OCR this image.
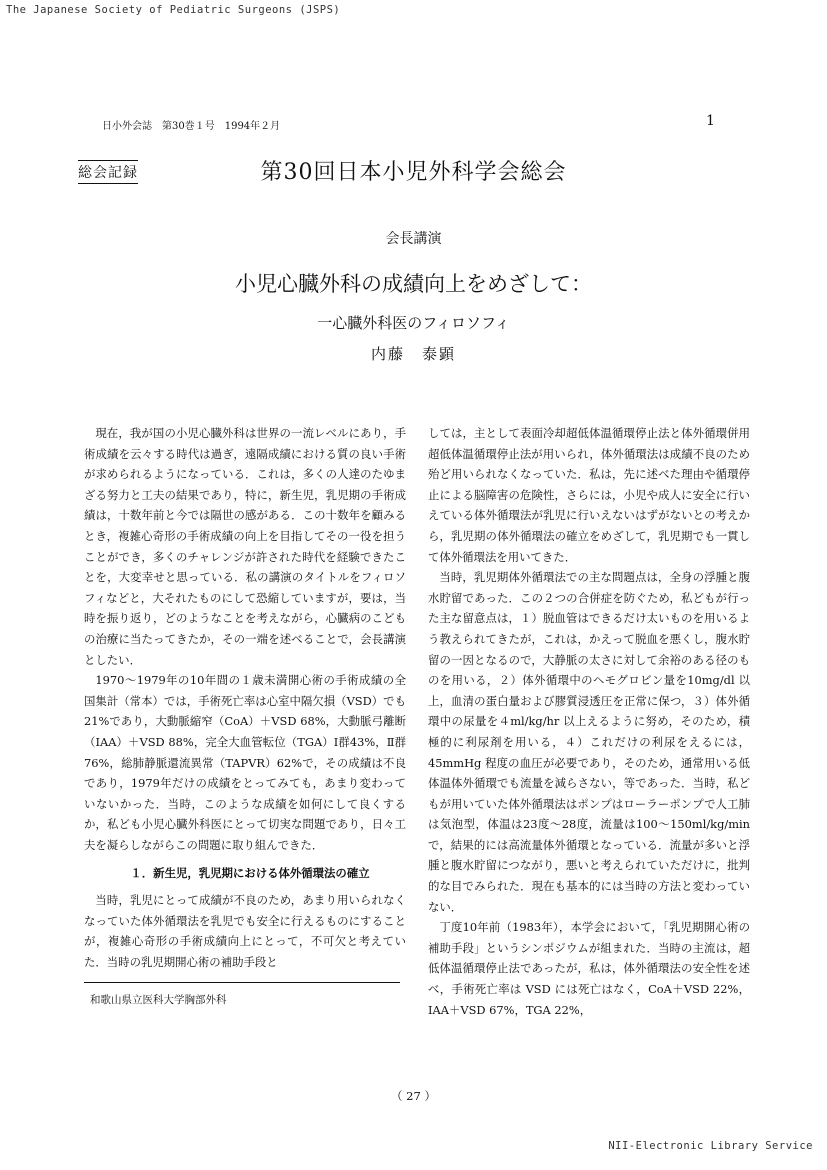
The Japanese Society of Pediatric Surgeons (JSPS)
日小外会誌　第30巻１号　1994年２月	1
総会記録	第30回日本小児外科学会総会
会長講演
小児心臓外科の成績向上をめざして：
一心臓外科医のフィロソフィ
内藤　泰顕

現在，我が国の小児心臓外科は世界の一流レベルにあり，手術成績を云々する時代は過ぎ，遠隔成績における質の良い手術が求められるようになっている．これは，多くの人達のたゆまざる努力と工夫の結果であり，特に，新生児，乳児期の手術成績は，十数年前と今では隔世の感がある．この十数年を顧みるとき，複雑心奇形の手術成績の向上を目指してその一役を担うことができ，多くのチャレンジが許された時代を経験できたことを，大変幸せと思っている．私の講演のタイトルをフィロソフィなどと，大それたものにして恐縮していますが，要は，当時を振り返り，どのようなことを考えながら，心臓病のこどもの治療に当たってきたか，その一端を述べることで，会長講演としたい．

1970～1979年の10年間の１歳未満開心術の手術成績の全国集計（常本）では，手術死亡率は心室中隔欠損（VSD）でも21%であり，大動脈縮窄（CoA）＋VSD 68%，大動脈弓離断（IAA）＋VSD 88%，完全大血管転位（TGA）Ⅰ群43%，Ⅱ群76%，総肺静脈還流異常（TAPVR）62%で，その成績は不良であり，1979年だけの成績をとってみても，あまり変わっていないかった．当時，このような成績を如何にして良くするか，私ども小児心臓外科医にとって切実な問題であり，日々工夫を凝らしながらこの問題に取り組んできた．

１．新生児，乳児期における体外循環法の確立

当時，乳児にとって成績が不良のため，あまり用いられなくなっていた体外循環法を乳児でも安全に行えるものにすることが，複雑心奇形の手術成績向上にとって，不可欠と考えていた．当時の乳児期開心術の補助手段と

しては，主として表面冷却超低体温循環停止法と体外循環併用超低体温循環停止法が用いられ，体外循環法は成績不良のため殆ど用いられなくなっていた．私は，先に述べた理由や循環停止による脳障害の危険性，さらには，小児や成人に安全に行いえている体外循環法が乳児に行いえないはずがないとの考えから，乳児期の体外循環法の確立をめざして，乳児期でも一貫して体外循環法を用いてきた．

当時，乳児期体外循環法での主な問題点は，全身の浮腫と腹水貯留であった．この２つの合併症を防ぐため，私どもが行った主な留意点は，１）脱血管はできるだけ太いものを用いるよう教えられてきたが，これは，かえって脱血を悪くし，腹水貯留の一因となるので，大静脈の太さに対して余裕のある径のものを用いる，２）体外循環中のヘモグロビン量を10mg/dl 以上，血清の蛋白量および膠質浸透圧を正常に保つ，３）体外循環中の尿量を４ml/kg/hr 以上えるように努め，そのため，積極的に利尿剤を用いる，４）これだけの利尿をえるには，45mmHg 程度の血圧が必要であり，そのため，通常用いる低体温体外循環でも流量を減らさない，等であった．当時，私どもが用いていた体外循環法はポンプはローラーポンプで人工肺は気泡型，体温は23度～28度，流量は100～150ml/kg/min で，結果的には高流量体外循環となっている．流量が多いと浮腫と腹水貯留につながり，悪いと考えられていただけに，批判的な目でみられた．現在も基本的には当時の方法と変わっていない．

丁度10年前（1983年），本学会において，「乳児期開心術の補助手段」というシンポジウムが組まれた．当時の主流は，超低体温循環停止法であったが，私は，体外循環法の安全性を述べ，手術死亡率は VSD には死亡はなく，CoA＋VSD 22%，IAA＋VSD 67%，TGA 22%，

和歌山県立医科大学胸部外科
（ 27 ）
NII-Electronic Library Service
